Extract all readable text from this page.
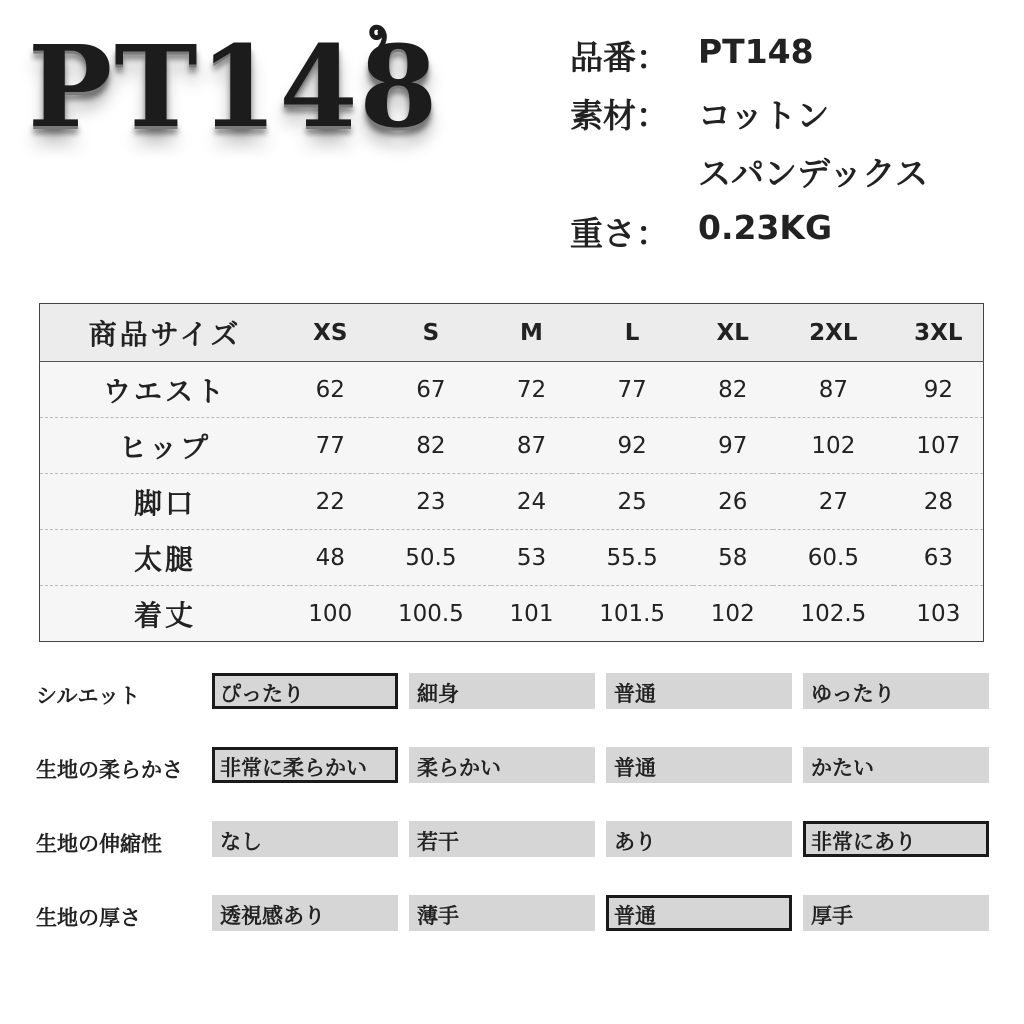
PT148	品番： PT148
素材： コットン
スパンデックス
重さ： 0.23KG
商品サイズ	XS	S	M	L	XL	2XL	3XL
ウエスト	62	67	72	77	82	87	92
ヒップ	77	82	87	92	97	102	107
脚口	22	23	24	25	26	27	28
太腿	48	50.5	53	55.5	58	60.5	63
着丈	100	100.5	101	101.5	102	102.5	103
シルエット	ぴったり	細身	普通	ゆったり
生地の柔らかさ	非常に柔らかい	柔らかい	普通	かたい
生地の伸縮性	なし	若干	あり	非常にあり
生地の厚さ	透視感あり	薄手	普通	厚手
